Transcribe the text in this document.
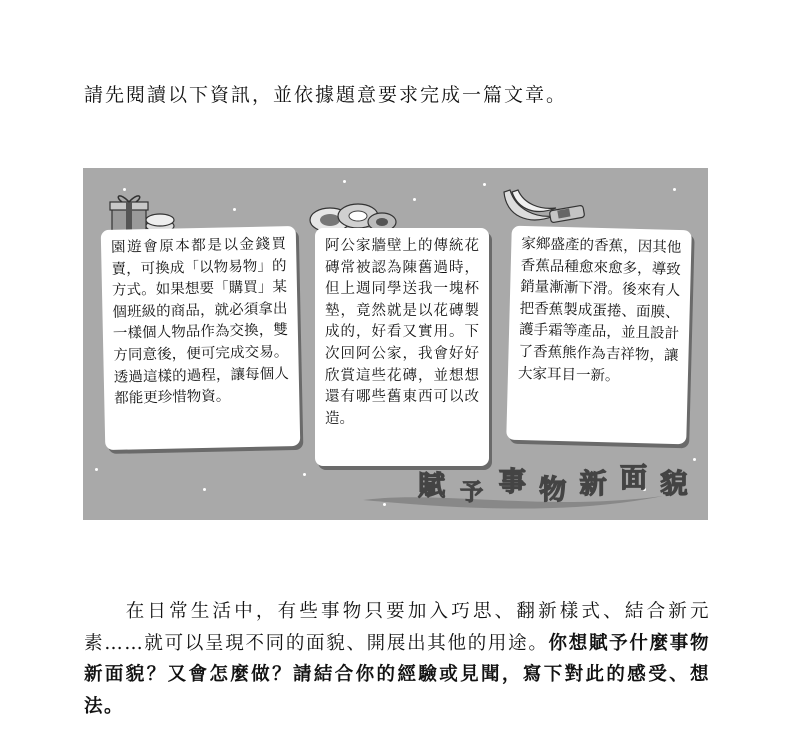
請先閱讀以下資訊，並依據題意要求完成一篇文章。

園遊會原本都是以金錢買賣，可換成「以物易物」的方式。如果想要「購買」某個班級的商品，就必須拿出一樣個人物品作為交換，雙方同意後，便可完成交易。透過這樣的過程，讓每個人都能更珍惜物資。

阿公家牆壁上的傳統花磚常被認為陳舊過時，但上週同學送我一塊杯墊，竟然就是以花磚製成的，好看又實用。下次回阿公家，我會好好欣賞這些花磚，並想想還有哪些舊東西可以改造。

家鄉盛產的香蕉，因其他香蕉品種愈來愈多，導致銷量漸漸下滑。後來有人把香蕉製成蛋捲、面膜、護手霜等產品，並且設計了香蕉熊作為吉祥物，讓大家耳目一新。

賦 予 事 物 新 面 貌
在日常生活中，有些事物只要加入巧思、翻新樣式、結合新元素……就可以呈現不同的面貌、開展出其他的用途。你想賦予什麼事物新面貌？又會怎麼做？請結合你的經驗或見聞，寫下對此的感受、想法。
